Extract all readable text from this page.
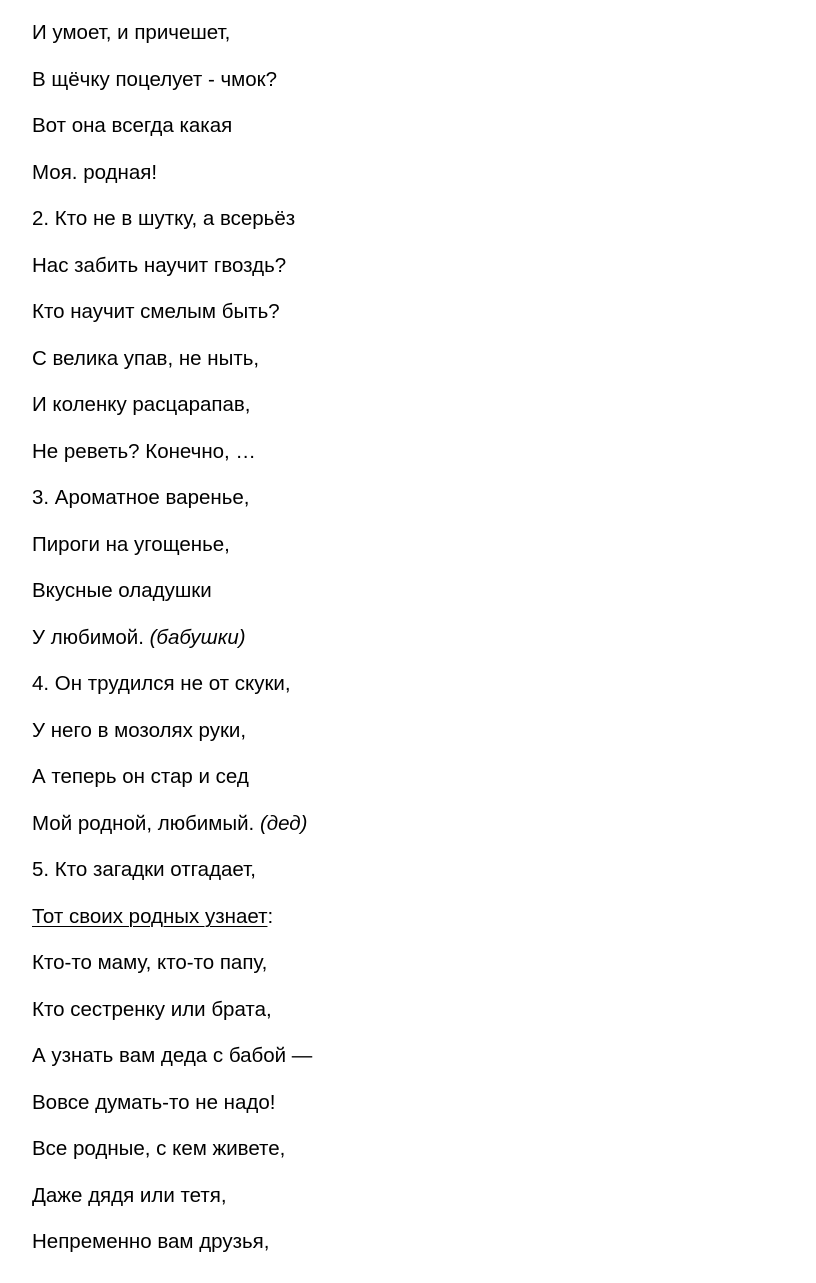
И умоет, и причешет,

В щёчку поцелует - чмок?

Вот она всегда какая

Моя. родная!

2. Кто не в шутку, а всерьёз

Нас забить научит гвоздь?

Кто научит смелым быть?

С велика упав, не ныть,

И коленку расцарапав,

Не реветь? Конечно, …

3. Ароматное варенье,

Пироги на угощенье,

Вкусные оладушки

У любимой. (бабушки)

4. Он трудился не от скуки,

У него в мозолях руки,

А теперь он стар и сед

Мой родной, любимый. (дед)

5. Кто загадки отгадает,

Тот своих родных узнает:

Кто-то маму, кто-то папу,

Кто сестренку или брата,

А узнать вам деда с бабой —

Вовсе думать-то не надо!

Все родные, с кем живете,

Даже дядя или тетя,

Непременно вам друзья,
